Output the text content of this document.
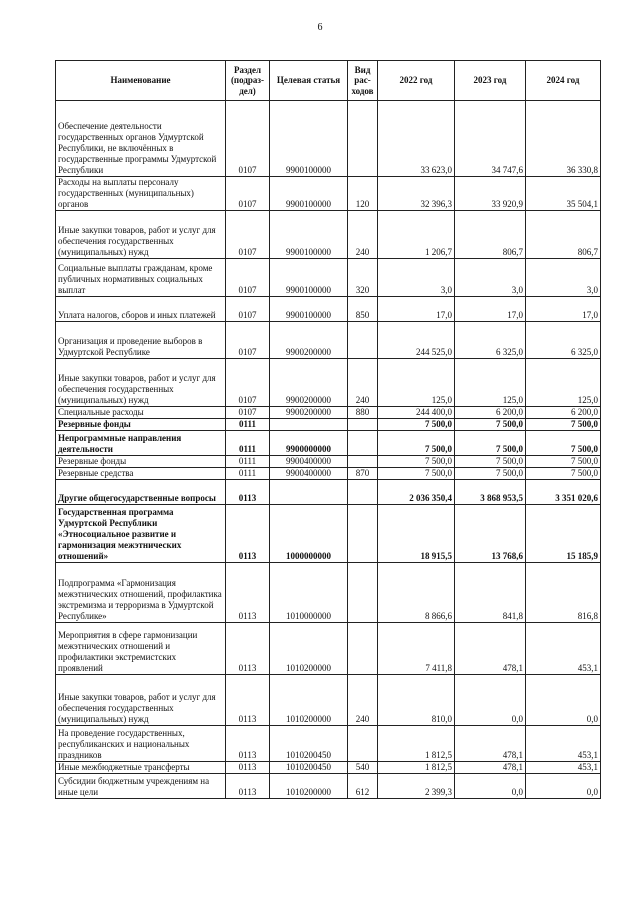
6
Наименование	Раздел (подраз-дел)	Целевая статья	Вид рас-ходов	2022 год	2023 год	2024 год
Обеспечение деятельности государственных органов Удмуртской Республики, не включённых в государственные программы Удмуртской Республики	0107	9900100000		33 623,0	34 747,6	36 330,8
Расходы на выплаты персоналу государственных (муниципальных) органов	0107	9900100000	120	32 396,3	33 920,9	35 504,1
Иные закупки товаров, работ и услуг для обеспечения государственных (муниципальных) нужд	0107	9900100000	240	1 206,7	806,7	806,7
Социальные выплаты гражданам, кроме публичных нормативных социальных выплат	0107	9900100000	320	3,0	3,0	3,0
Уплата налогов, сборов и иных платежей	0107	9900100000	850	17,0	17,0	17,0
Организация и проведение выборов в Удмуртской Республике	0107	9900200000		244 525,0	6 325,0	6 325,0
Иные закупки товаров, работ и услуг для обеспечения государственных (муниципальных) нужд	0107	9900200000	240	125,0	125,0	125,0
Специальные расходы	0107	9900200000	880	244 400,0	6 200,0	6 200,0
Резервные фонды	0111			7 500,0	7 500,0	7 500,0
Непрограммные направления деятельности	0111	9900000000		7 500,0	7 500,0	7 500,0
Резервные фонды	0111	9900400000		7 500,0	7 500,0	7 500,0
Резервные средства	0111	9900400000	870	7 500,0	7 500,0	7 500,0
Другие общегосударственные вопросы	0113			2 036 350,4	3 868 953,5	3 351 020,6
Государственная программа Удмуртской Республики «Этносоциальное развитие и гармонизация межэтнических отношений»	0113	1000000000		18 915,5	13 768,6	15 185,9
Подпрограмма «Гармонизация межэтнических отношений, профилактика экстремизма и терроризма в Удмуртской Республике»	0113	1010000000		8 866,6	841,8	816,8
Мероприятия в сфере гармонизации межэтнических отношений и профилактики экстремистских проявлений	0113	1010200000		7 411,8	478,1	453,1
Иные закупки товаров, работ и услуг для обеспечения государственных (муниципальных) нужд	0113	1010200000	240	810,0	0,0	0,0
На проведение государственных, республиканских и национальных праздников	0113	1010200450		1 812,5	478,1	453,1
Иные межбюджетные трансферты	0113	1010200450	540	1 812,5	478,1	453,1
Субсидии бюджетным учреждениям на иные цели	0113	1010200000	612	2 399,3	0,0	0,0
